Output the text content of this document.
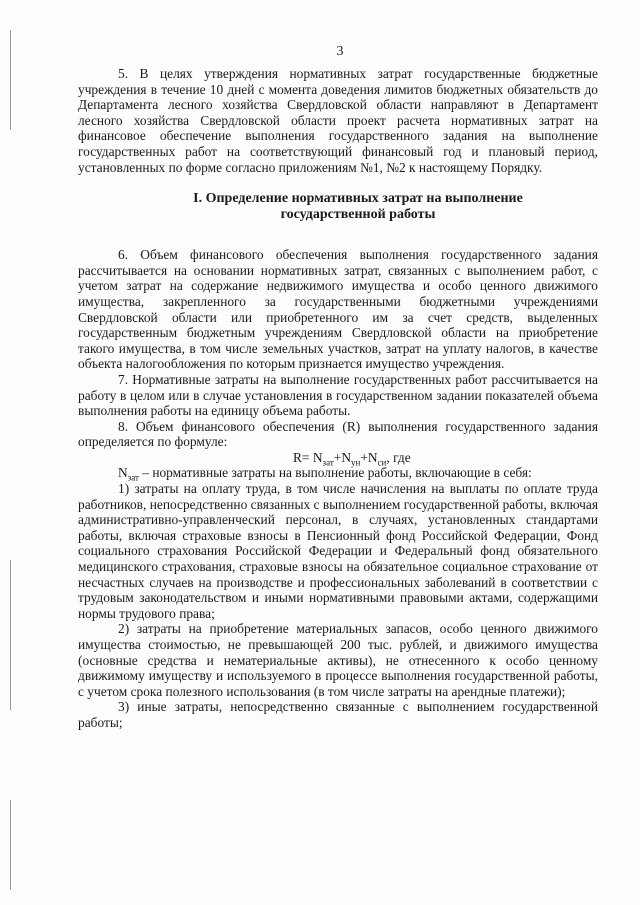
3

5. В целях утверждения нормативных затрат государственные бюджетные учреждения в течение 10 дней с момента доведения лимитов бюджетных обязательств до Департамента лесного хозяйства Свердловской области направляют в Департамент лесного хозяйства Свердловской области проект расчета нормативных затрат на финансовое обеспечение выполнения государственного задания на выполнение государственных работ на соответствующий финансовый год и плановый период, установленных по форме согласно приложениям №1, №2 к настоящему Порядку.

I. Определение нормативных затрат на выполнение
государственной работы

6. Объем финансового обеспечения выполнения государственного задания рассчитывается на основании нормативных затрат, связанных с выполнением работ, с учетом затрат на содержание недвижимого имущества и особо ценного движимого имущества, закрепленного за государственными бюджетными учреждениями Свердловской области или приобретенного им за счет средств, выделенных государственным бюджетным учреждениям Свердловской области на приобретение такого имущества, в том числе земельных участков, затрат на уплату налогов, в качестве объекта налогообложения по которым признается имущество учреждения.

7. Нормативные затраты на выполнение государственных работ рассчитывается на работу в целом или в случае установления в государственном задании показателей объема выполнения работы на единицу объема работы.

8. Объем финансового обеспечения (R) выполнения государственного задания определяется по формуле:

$R= N_{зат}+N_{ун}+N_{си}$, где

$N_{зат}$ – нормативные затраты на выполнение работы, включающие в себя:

1) затраты на оплату труда, в том числе начисления на выплаты по оплате труда работников, непосредственно связанных с выполнением государственной работы, включая административно-управленческий персонал, в случаях, установленных стандартами работы, включая страховые взносы в Пенсионный фонд Российской Федерации, Фонд социального страхования Российской Федерации и Федеральный фонд обязательного медицинского страхования, страховые взносы на обязательное социальное страхование от несчастных случаев на производстве и профессиональных заболеваний в соответствии с трудовым законодательством и иными нормативными правовыми актами, содержащими нормы трудового права;

2) затраты на приобретение материальных запасов, особо ценного движимого имущества стоимостью, не превышающей 200 тыс. рублей, и движимого имущества (основные средства и нематериальные активы), не отнесенного к особо ценному движимому имуществу и используемого в процессе выполнения государственной работы, с учетом срока полезного использования (в том числе затраты на арендные платежи);

3) иные затраты, непосредственно связанные с выполнением государственной работы;
